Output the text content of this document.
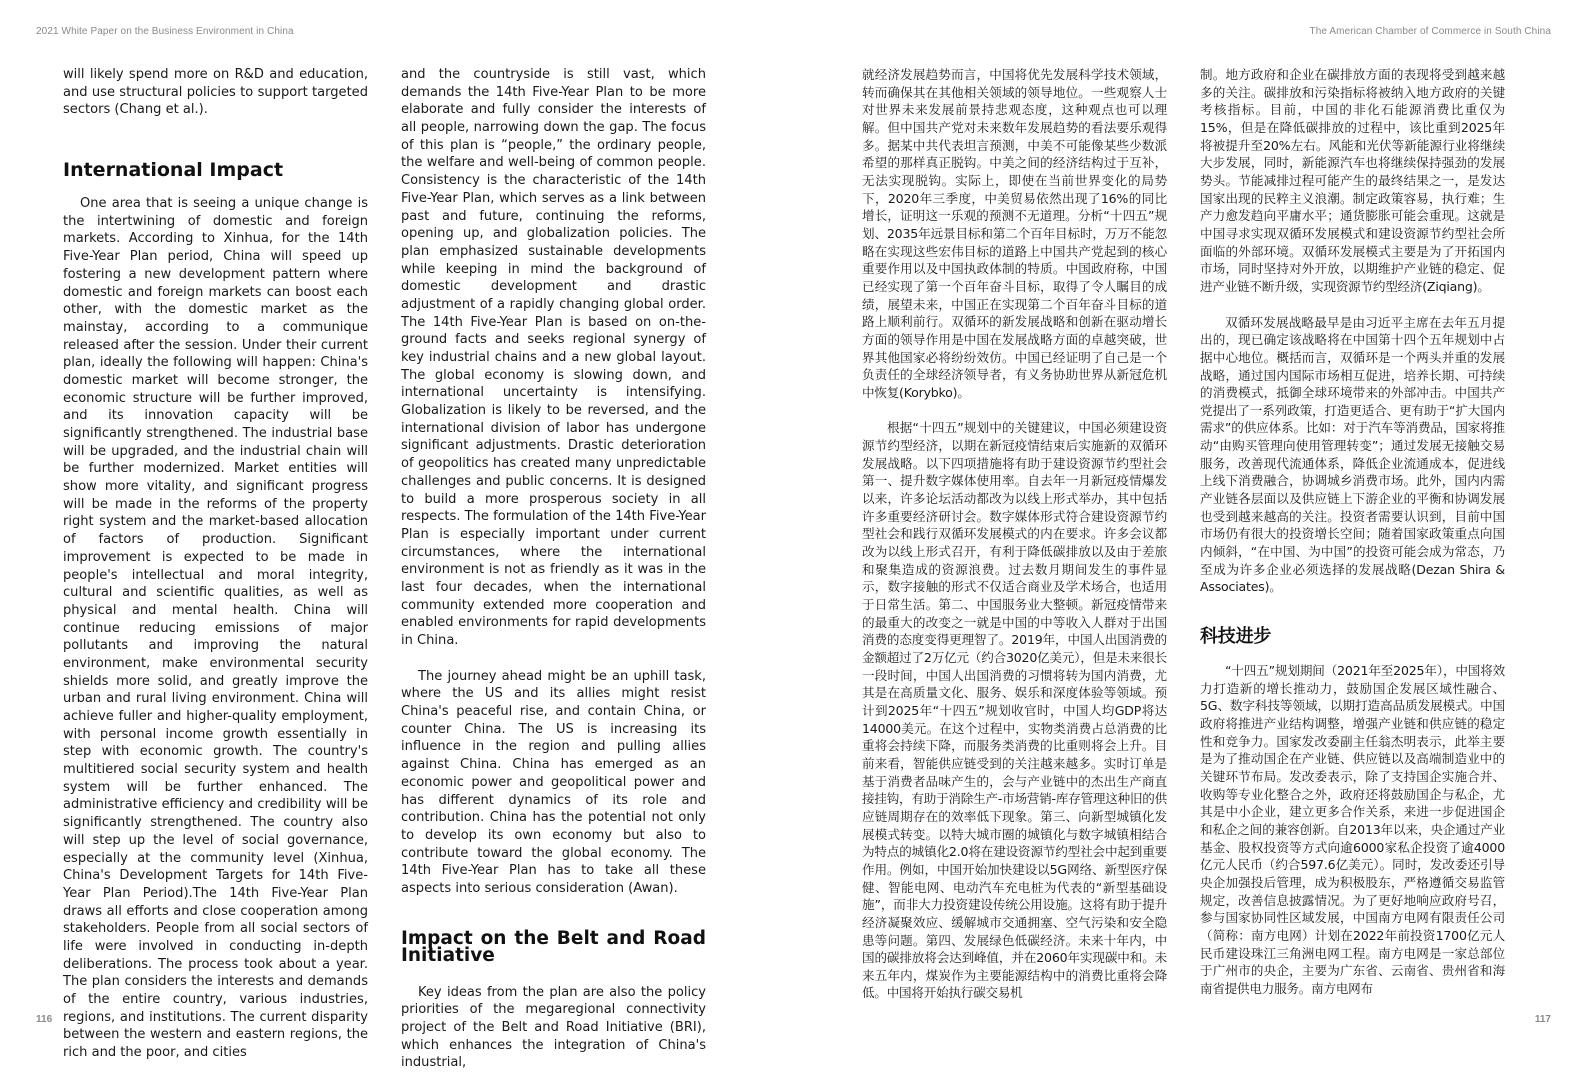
2021 White Paper on the Business Environment in China	The American Chamber of Commerce in South China

will likely spend more on R&D and education, and use structural policies to support targeted sectors (Chang et al.).

International Impact

One area that is seeing a unique change is the intertwining of domestic and foreign markets. According to Xinhua, for the 14th Five-Year Plan period, China will speed up fostering a new development pattern where domestic and foreign markets can boost each other, with the domestic market as the mainstay, according to a communique released after the session. Under their current plan, ideally the following will happen: China's domestic market will become stronger, the economic structure will be further improved, and its innovation capacity will be significantly strengthened. The industrial base will be upgraded, and the industrial chain will be further modernized. Market entities will show more vitality, and significant progress will be made in the reforms of the property right system and the market-based allocation of factors of production. Significant improvement is expected to be made in people's intellectual and moral integrity, cultural and scientific qualities, as well as physical and mental health. China will continue reducing emissions of major pollutants and improving the natural environment, make environmental security shields more solid, and greatly improve the urban and rural living environment. China will achieve fuller and higher-quality employment, with personal income growth essentially in step with economic growth. The country's multitiered social security system and health system will be further enhanced. The administrative efficiency and credibility will be significantly strengthened. The country also will step up the level of social governance, especially at the community level (Xinhua, China's Development Targets for 14th Five-Year Plan Period).The 14th Five-Year Plan draws all efforts and close cooperation among stakeholders. People from all social sectors of life were involved in conducting in-depth deliberations. The process took about a year. The plan considers the interests and demands of the entire country, various industries, regions, and institutions. The current disparity between the western and eastern regions, the rich and the poor, and cities

and the countryside is still vast, which demands the 14th Five-Year Plan to be more elaborate and fully consider the interests of all people, narrowing down the gap. The focus of this plan is “people,” the ordinary people, the welfare and well-being of common people. Consistency is the characteristic of the 14th Five-Year Plan, which serves as a link between past and future, continuing the reforms, opening up, and globalization policies. The plan emphasized sustainable developments while keeping in mind the background of domestic development and drastic adjustment of a rapidly changing global order. The 14th Five-Year Plan is based on on-the-ground facts and seeks regional synergy of key industrial chains and a new global layout. The global economy is slowing down, and international uncertainty is intensifying. Globalization is likely to be reversed, and the international division of labor has undergone significant adjustments. Drastic deterioration of geopolitics has created many unpredictable challenges and public concerns. It is designed to build a more prosperous society in all respects. The formulation of the 14th Five-Year Plan is especially important under current circumstances, where the international environment is not as friendly as it was in the last four decades, when the international community extended more cooperation and enabled environments for rapid developments in China.

The journey ahead might be an uphill task, where the US and its allies might resist China's peaceful rise, and contain China, or counter China. The US is increasing its influence in the region and pulling allies against China. China has emerged as an economic power and geopolitical power and has different dynamics of its role and contribution. China has the potential not only to develop its own economy but also to contribute toward the global economy. The 14th Five-Year Plan has to take all these aspects into serious consideration (Awan).

Impact on the Belt and Road Initiative

Key ideas from the plan are also the policy priorities of the megaregional connectivity project of the Belt and Road Initiative (BRI), which enhances the integration of China's industrial,

就经济发展趋势而言，中国将优先发展科学技术领域，转而确保其在其他相关领域的领导地位。一些观察人士对世界未来发展前景持悲观态度，这种观点也可以理解。但中国共产党对未来数年发展趋势的看法要乐观得多。据某中共代表坦言预测，中美不可能像某些少数派希望的那样真正脱钩。中美之间的经济结构过于互补，无法实现脱钩。实际上，即使在当前世界变化的局势下，2020年三季度，中美贸易依然出现了16%的同比增长，证明这一乐观的预测不无道理。分析“十四五”规划、2035年远景目标和第二个百年目标时，万万不能忽略在实现这些宏伟目标的道路上中国共产党起到的核心重要作用以及中国执政体制的特质。中国政府称，中国已经实现了第一个百年奋斗目标，取得了令人瞩目的成绩，展望未来，中国正在实现第二个百年奋斗目标的道路上顺利前行。双循环的新发展战略和创新在驱动增长方面的领导作用是中国在发展战略方面的卓越突破，世界其他国家必将纷纷效仿。中国已经证明了自己是一个负责任的全球经济领导者，有义务协助世界从新冠危机中恢复(Korybko)。

根据“十四五”规划中的关键建议，中国必须建设资源节约型经济，以期在新冠疫情结束后实施新的双循环发展战略。以下四项措施将有助于建设资源节约型社会第一、提升数字媒体使用率。自去年一月新冠疫情爆发以来，许多论坛活动都改为以线上形式举办，其中包括许多重要经济研讨会。数字媒体形式符合建设资源节约型社会和践行双循环发展模式的内在要求。许多会议都改为以线上形式召开，有利于降低碳排放以及由于差旅和聚集造成的资源浪费。过去数月期间发生的事件显示，数字接触的形式不仅适合商业及学术场合，也适用于日常生活。第二、中国服务业大整顿。新冠疫情带来的最重大的改变之一就是中国的中等收入人群对于出国消费的态度变得更理智了。2019年，中国人出国消费的金额超过了2万亿元（约合3020亿美元），但是未来很长一段时间，中国人出国消费的习惯将转为国内消费，尤其是在高质量文化、服务、娱乐和深度体验等领域。预计到2025年“十四五”规划收官时，中国人均GDP将达14000美元。在这个过程中，实物类消费占总消费的比重将会持续下降，而服务类消费的比重则将会上升。目前来看，智能供应链受到的关注越来越多。实时订单是基于消费者品味产生的，会与产业链中的杰出生产商直接挂钩，有助于消除生产-市场营销-库存管理这种旧的供应链周期存在的效率低下现象。第三、向新型城镇化发展模式转变。以特大城市圈的城镇化与数字城镇相结合为特点的城镇化2.0将在建设资源节约型社会中起到重要作用。例如，中国开始加快建设以5G网络、新型医疗保健、智能电网、电动汽车充电桩为代表的“新型基础设施”，而非大力投资建设传统公用设施。这将有助于提升经济凝聚效应、缓解城市交通拥塞、空气污染和安全隐患等问题。第四、发展绿色低碳经济。未来十年内，中国的碳排放将会达到峰值，并在2060年实现碳中和。未来五年内，煤炭作为主要能源结构中的消费比重将会降低。中国将开始执行碳交易机

制。地方政府和企业在碳排放方面的表现将受到越来越多的关注。碳排放和污染指标将被纳入地方政府的关键考核指标。目前，中国的非化石能源消费比重仅为15%，但是在降低碳排放的过程中，该比重到2025年将被提升至20%左右。风能和光伏等新能源行业将继续大步发展，同时，新能源汽车也将继续保持强劲的发展势头。节能减排过程可能产生的最终结果之一，是发达国家出现的民粹主义浪潮。制定政策容易，执行难；生产力愈发趋向平庸水平；通货膨胀可能会重现。这就是中国寻求实现双循环发展模式和建设资源节约型社会所面临的外部环境。双循环发展模式主要是为了开拓国内市场，同时坚持对外开放，以期维护产业链的稳定、促进产业链不断升级，实现资源节约型经济(Ziqiang)。

双循环发展战略最早是由习近平主席在去年五月提出的，现已确定该战略将在中国第十四个五年规划中占据中心地位。概括而言，双循环是一个两头并重的发展战略，通过国内国际市场相互促进，培养长期、可持续的消费模式，抵御全球环境带来的外部冲击。中国共产党提出了一系列政策，打造更适合、更有助于“扩大国内需求”的供应体系。比如：对于汽车等消费品，国家将推动“由购买管理向使用管理转变”；通过发展无接触交易服务，改善现代流通体系，降低企业流通成本，促进线上线下消费融合，协调城乡消费市场。此外，国内内需产业链各层面以及供应链上下游企业的平衡和协调发展也受到越来越高的关注。投资者需要认识到，目前中国市场仍有很大的投资增长空间；随着国家政策重点向国内倾斜，“在中国、为中国”的投资可能会成为常态，乃至成为许多企业必须选择的发展战略(Dezan Shira & Associates)。

科技进步

“十四五”规划期间（2021年至2025年），中国将效力打造新的增长推动力，鼓励国企发展区域性融合、5G、数字科技等领域，以期打造高品质发展模式。中国政府将推进产业结构调整，增强产业链和供应链的稳定性和竞争力。国家发改委副主任翁杰明表示，此举主要是为了推动国企在产业链、供应链以及高端制造业中的关键环节布局。发改委表示，除了支持国企实施合并、收购等专业化整合之外，政府还将鼓励国企与私企，尤其是中小企业，建立更多合作关系，来进一步促进国企和私企之间的兼容创新。自2013年以来，央企通过产业基金、股权投资等方式向逾6000家私企投资了逾4000亿元人民币（约合597.6亿美元）。同时，发改委还引导央企加强投后管理，成为积极股东，严格遵循交易监管规定，改善信息披露情况。为了更好地响应政府号召，参与国家协同性区域发展，中国南方电网有限责任公司（简称：南方电网）计划在2022年前投资1700亿元人民币建设珠江三角洲电网工程。南方电网是一家总部位于广州市的央企，主要为广东省、云南省、贵州省和海南省提供电力服务。南方电网布

116	117
